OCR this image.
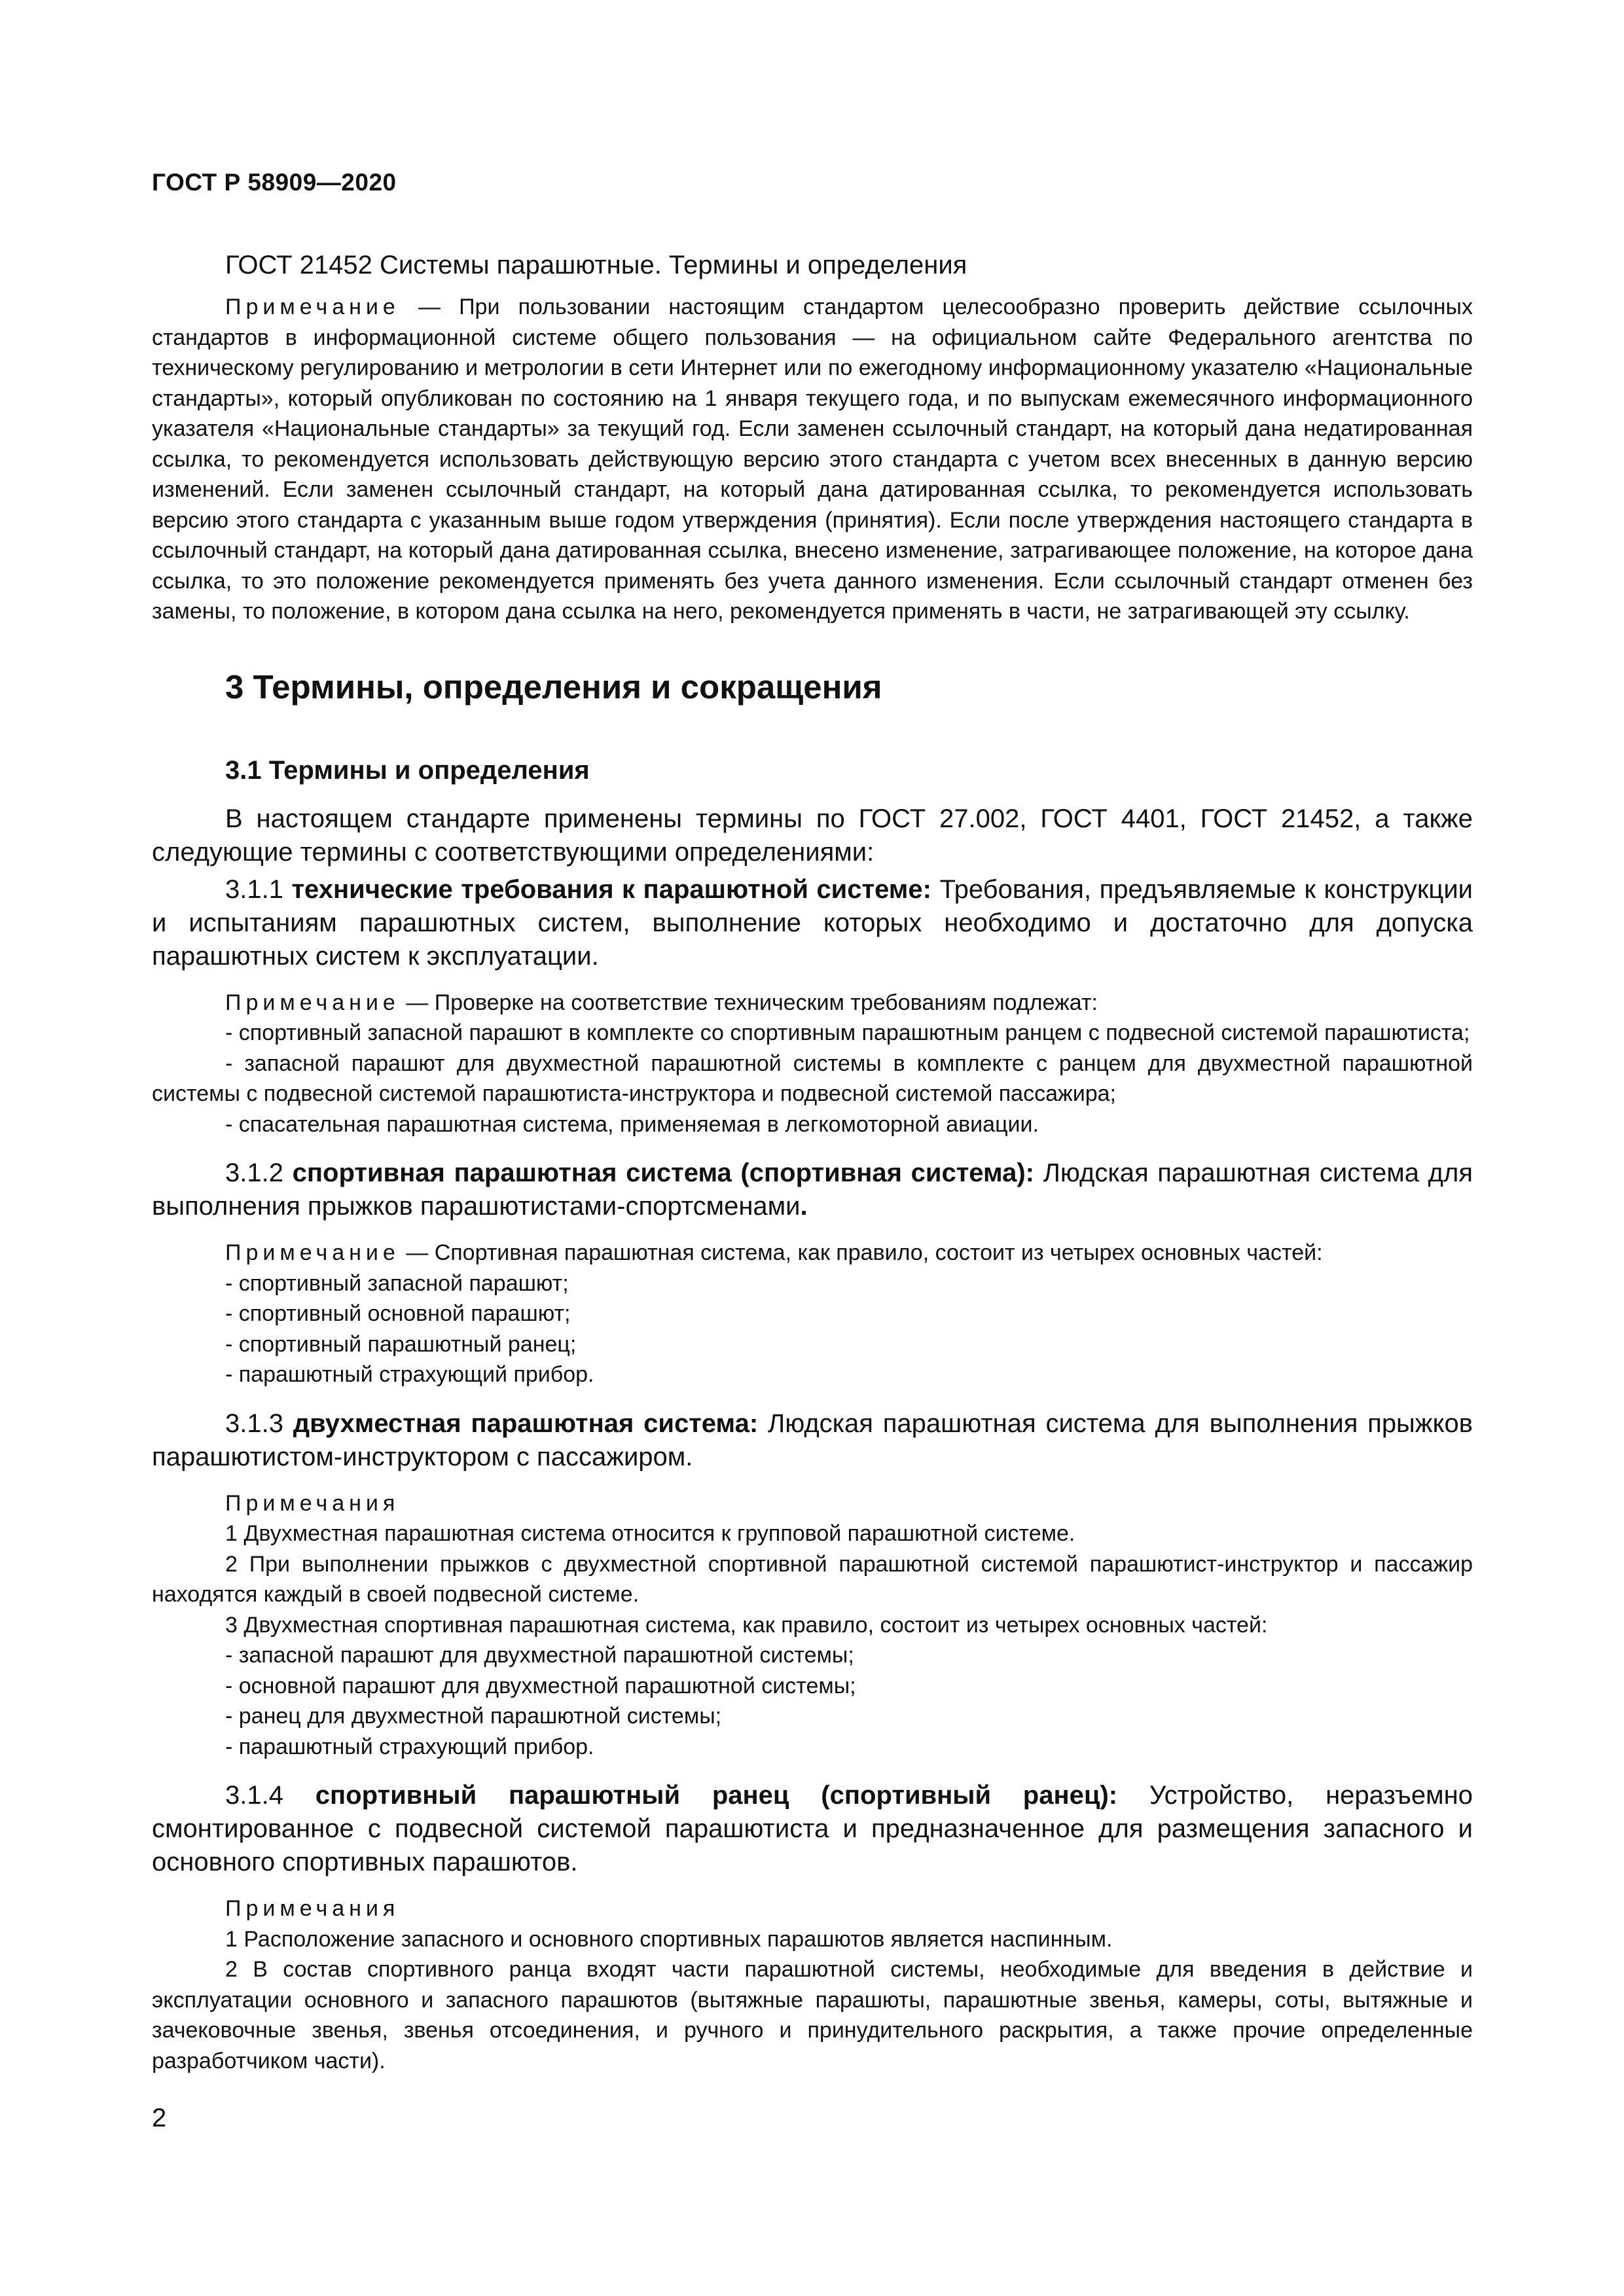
ГОСТ Р 58909—2020
ГОСТ 21452 Системы парашютные. Термины и определения

Примечание — При пользовании настоящим стандартом целесообразно проверить действие ссылочных стандартов в информационной системе общего пользования — на официальном сайте Федерального агентства по техническому регулированию и метрологии в сети Интернет или по ежегодному информационному указателю «Национальные стандарты», который опубликован по состоянию на 1 января текущего года, и по выпускам ежемесячного информационного указателя «Национальные стандарты» за текущий год. Если заменен ссылочный стандарт, на который дана недатированная ссылка, то рекомендуется использовать действующую версию этого стандарта с учетом всех внесенных в данную версию изменений. Если заменен ссылочный стандарт, на который дана датированная ссылка, то рекомендуется использовать версию этого стандарта с указанным выше годом утверждения (принятия). Если после утверждения настоящего стандарта в ссылочный стандарт, на который дана датированная ссылка, внесено изменение, затрагивающее положение, на которое дана ссылка, то это положение рекомендуется применять без учета данного изменения. Если ссылочный стандарт отменен без замены, то положение, в котором дана ссылка на него, рекомендуется применять в части, не затрагивающей эту ссылку.

3 Термины, определения и сокращения
3.1 Термины и определения

В настоящем стандарте применены термины по ГОСТ 27.002, ГОСТ 4401, ГОСТ 21452, а также следующие термины с соответствующими определениями:

3.1.1 технические требования к парашютной системе: Требования, предъявляемые к конструкции и испытаниям парашютных систем, выполнение которых необходимо и достаточно для допуска парашютных систем к эксплуатации.

Примечание — Проверке на соответствие техническим требованиям подлежат:

- спортивный запасной парашют в комплекте со спортивным парашютным ранцем с подвесной системой парашютиста;

- запасной парашют для двухместной парашютной системы в комплекте с ранцем для двухместной парашютной системы с подвесной системой парашютиста-инструктора и подвесной системой пассажира;

- спасательная парашютная система, применяемая в легкомоторной авиации.

3.1.2 спортивная парашютная система (спортивная система): Людская парашютная система для выполнения прыжков парашютистами-спортсменами.

Примечание — Спортивная парашютная система, как правило, состоит из четырех основных частей:

- спортивный запасной парашют;

- спортивный основной парашют;

- спортивный парашютный ранец;

- парашютный страхующий прибор.

3.1.3 двухместная парашютная система: Людская парашютная система для выполнения прыжков парашютистом-инструктором с пассажиром.

Примечания

1 Двухместная парашютная система относится к групповой парашютной системе.

2 При выполнении прыжков с двухместной спортивной парашютной системой парашютист-инструктор и пассажир находятся каждый в своей подвесной системе.

3 Двухместная спортивная парашютная система, как правило, состоит из четырех основных частей:

- запасной парашют для двухместной парашютной системы;

- основной парашют для двухместной парашютной системы;

- ранец для двухместной парашютной системы;

- парашютный страхующий прибор.

3.1.4 спортивный парашютный ранец (спортивный ранец): Устройство, неразъемно смонтированное с подвесной системой парашютиста и предназначенное для размещения запасного и основного спортивных парашютов.

Примечания

1 Расположение запасного и основного спортивных парашютов является наспинным.

2 В состав спортивного ранца входят части парашютной системы, необходимые для введения в действие и эксплуатации основного и запасного парашютов (вытяжные парашюты, парашютные звенья, камеры, соты, вытяжные и зачековочные звенья, звенья отсоединения, и ручного и принудительного раскрытия, а также прочие определенные разработчиком части).

2
